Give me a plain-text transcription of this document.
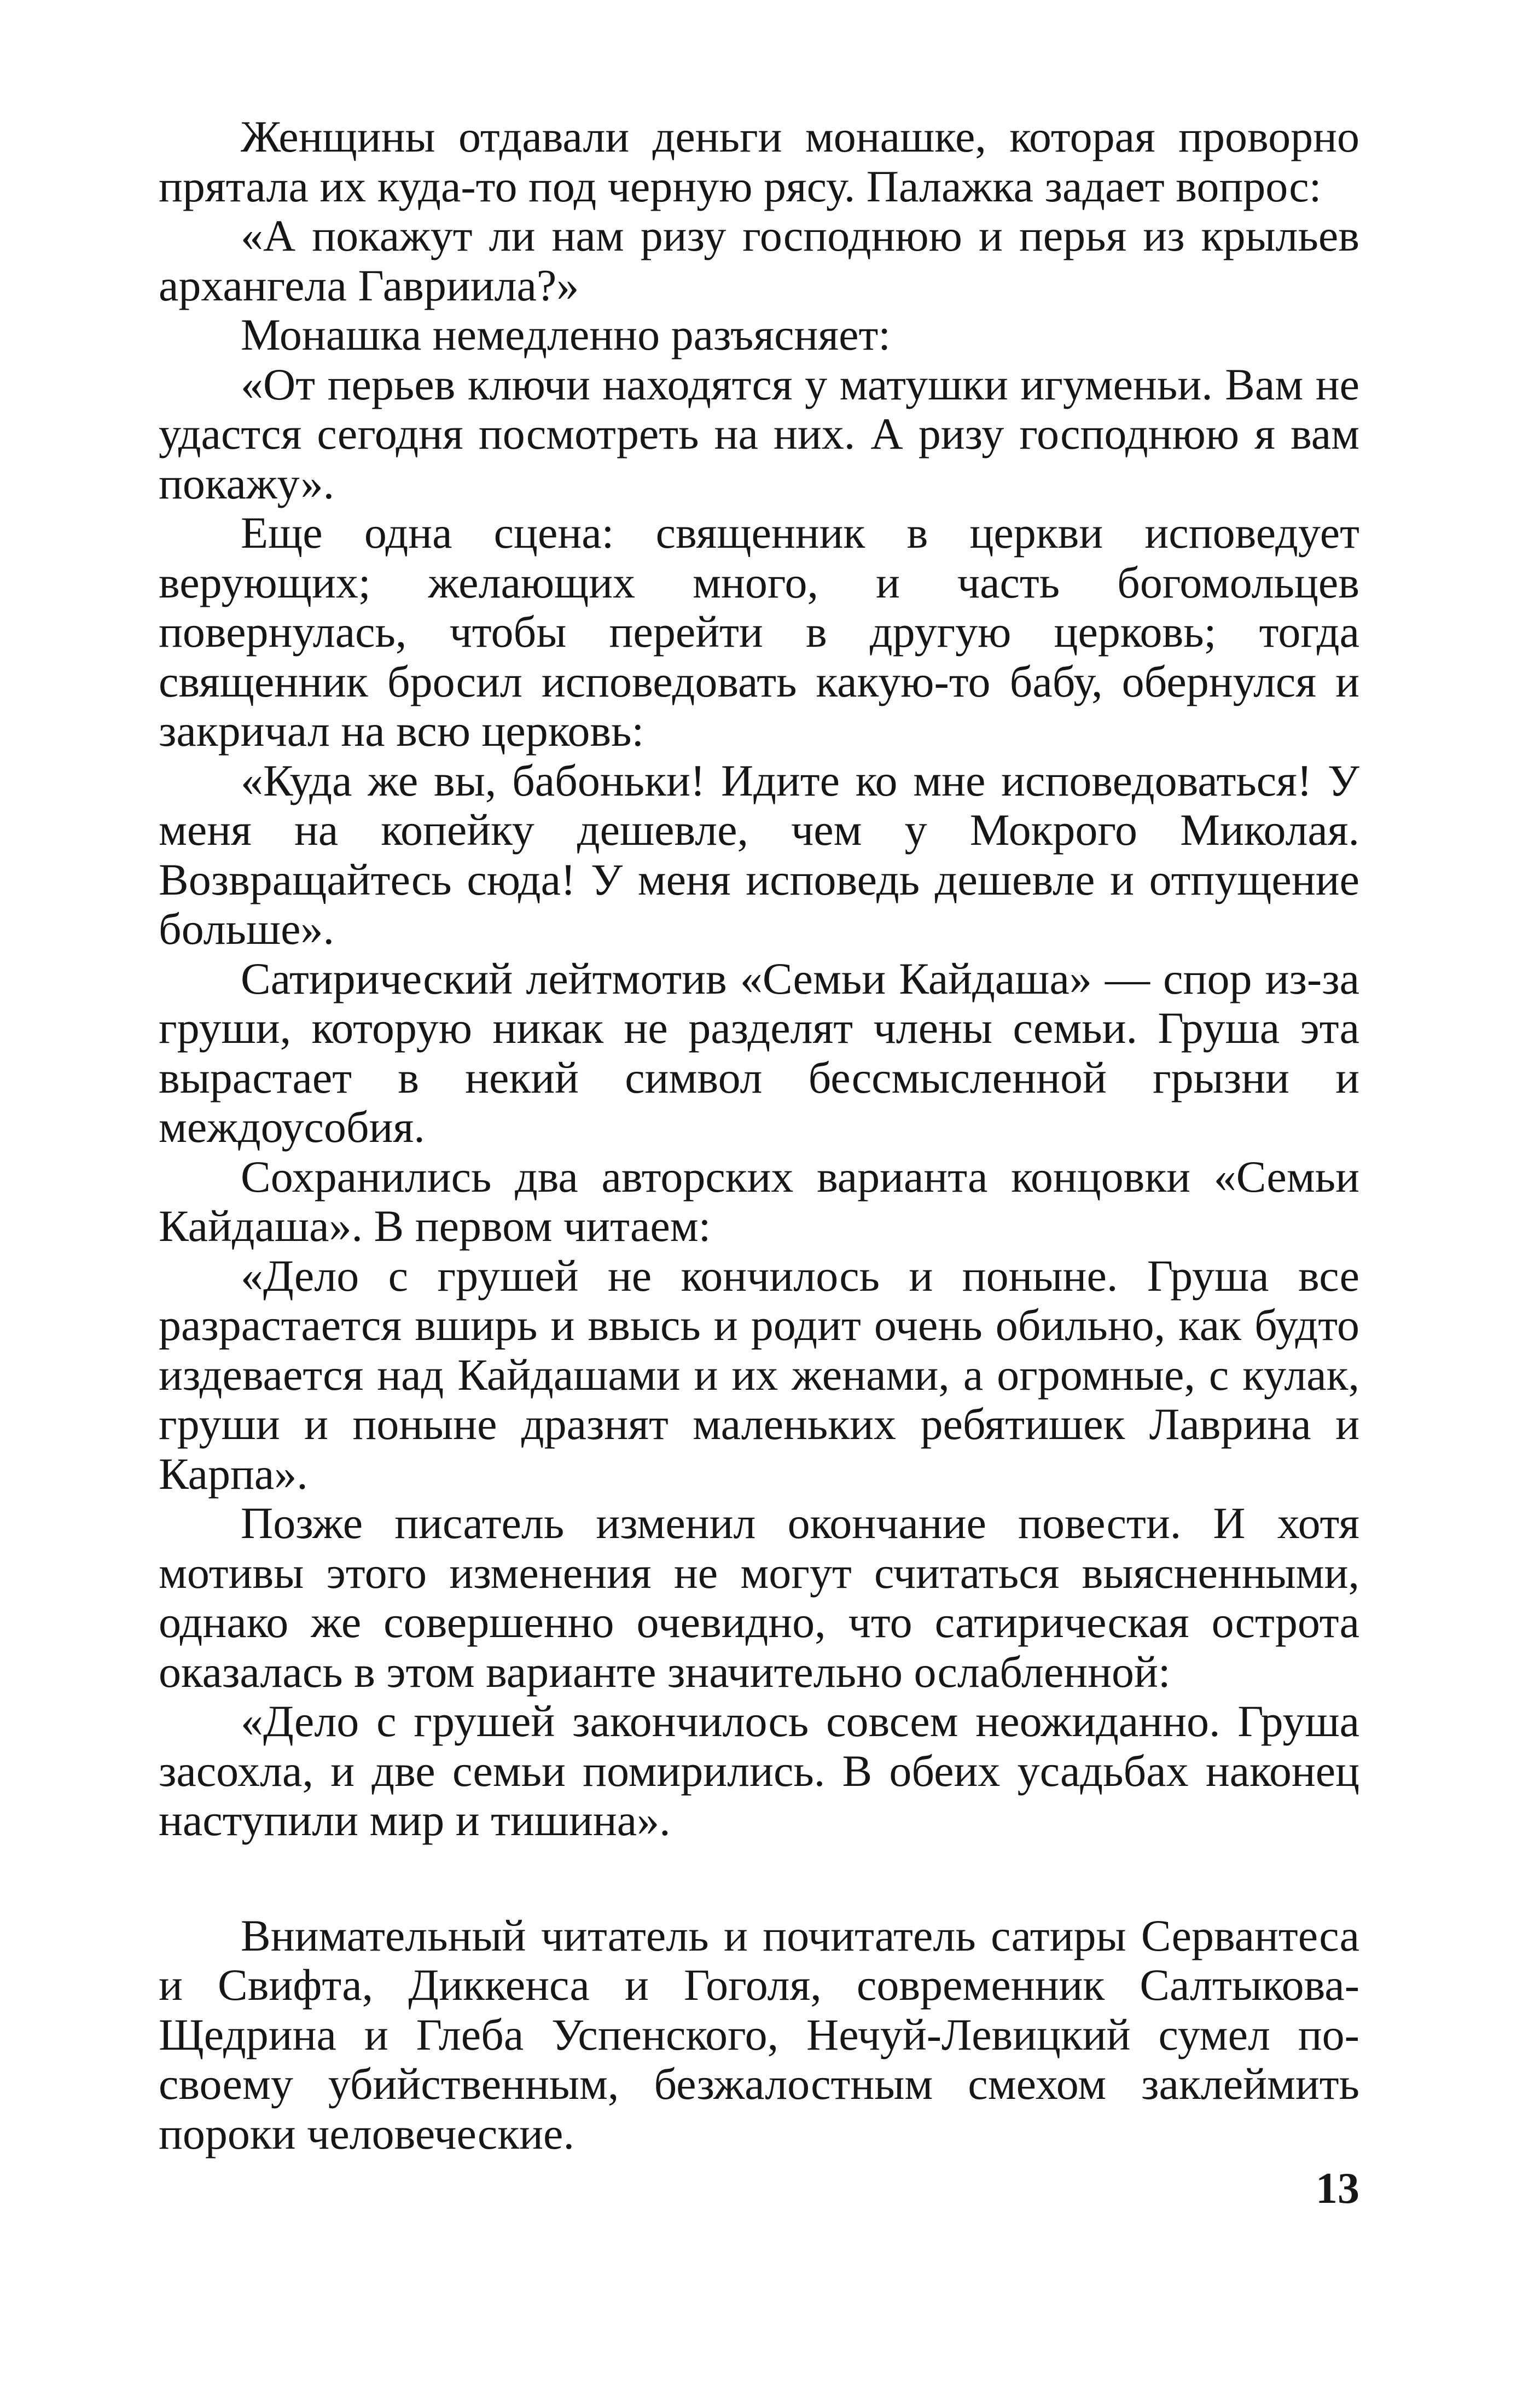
Женщины отдавали деньги монашке, которая проворно прятала их куда-то под черную рясу. Палажка задает вопрос:

«А покажут ли нам ризу господнюю и перья из крыльев архангела Гавриила?»

Монашка немедленно разъясняет:

«От перьев ключи находятся у матушки игуменьи. Вам не удастся сегодня посмотреть на них. А ризу господнюю я вам покажу».

Еще одна сцена: священник в церкви исповедует верующих; желающих много, и часть богомольцев повернулась, чтобы перейти в другую церковь; тогда священник бросил исповедовать какую-то бабу, обернулся и закричал на всю церковь:

«Куда же вы, бабоньки! Идите ко мне исповедоваться! У меня на копейку дешевле, чем у Мокрого Миколая. Возвращайтесь сюда! У меня исповедь дешевле и отпущение больше».

Сатирический лейтмотив «Семьи Кайдаша» — спор из-за груши, которую никак не разделят члены семьи. Груша эта вырастает в некий символ бессмысленной грызни и междоусобия.

Сохранились два авторских варианта концовки «Семьи Кайдаша». В первом читаем:

«Дело с грушей не кончилось и поныне. Груша все разрастается вширь и ввысь и родит очень обильно, как будто издевается над Кайдашами и их женами, а огромные, с кулак, груши и поныне дразнят маленьких ребятишек Лаврина и Карпа».

Позже писатель изменил окончание повести. И хотя мотивы этого изменения не могут считаться выясненными, однако же совершенно очевидно, что сатирическая острота оказалась в этом варианте значительно ослабленной:

«Дело с грушей закончилось совсем неожиданно. Груша засохла, и две семьи помирились. В обеих усадьбах наконец наступили мир и тишина».

Внимательный читатель и почитатель сатиры Сервантеса и Свифта, Диккенса и Гоголя, современник Салтыкова-Щедрина и Глеба Успенского, Нечуй-Левицкий сумел по-своему убийственным, безжалостным смехом заклеймить пороки человеческие.

13
